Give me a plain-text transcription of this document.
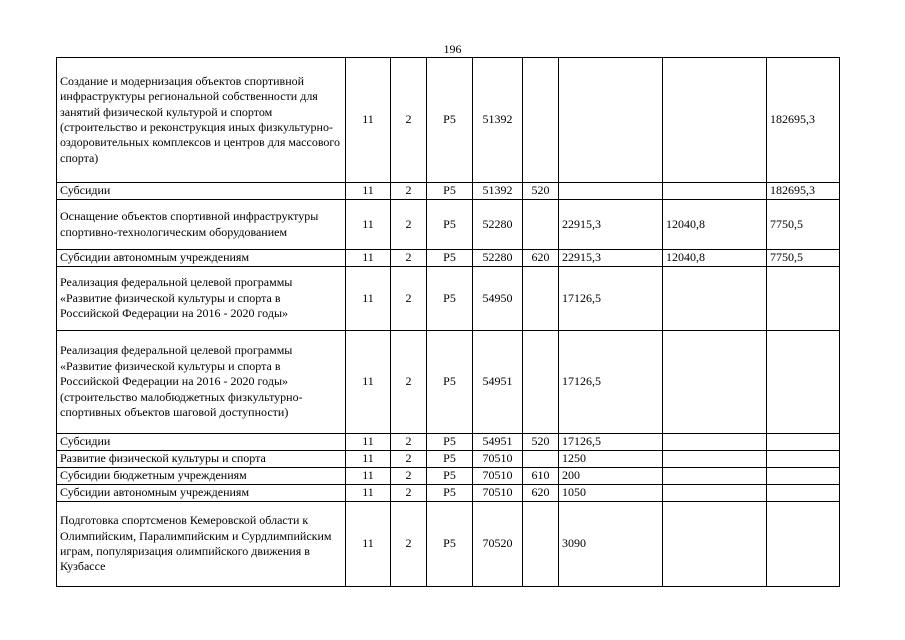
196
Создание и модернизация объектов спортивной инфраструктуры региональной собственности для занятий физической культурой и спортом (строительство и реконструкция иных физкультурно-оздоровительных комплексов и центров для массового спорта)	11	2	Р5	51392				182695,3
Субсидии	11	2	Р5	51392	520			182695,3
Оснащение объектов спортивной инфраструктуры спортивно-технологическим оборудованием	11	2	Р5	52280		22915,3	12040,8	7750,5
Субсидии автономным учреждениям	11	2	Р5	52280	620	22915,3	12040,8	7750,5
Реализация федеральной целевой программы «Развитие физической культуры и спорта в Российской Федерации на 2016 - 2020 годы»	11	2	Р5	54950		17126,5		
Реализация федеральной целевой программы «Развитие физической культуры и спорта в Российской Федерации на 2016 - 2020 годы» (строительство малобюджетных физкультурно-спортивных объектов шаговой доступности)	11	2	Р5	54951		17126,5		
Субсидии	11	2	Р5	54951	520	17126,5		
Развитие физической культуры и спорта	11	2	Р5	70510		1250		
Субсидии бюджетным учреждениям	11	2	Р5	70510	610	200		
Субсидии автономным учреждениям	11	2	Р5	70510	620	1050		
Подготовка спортсменов Кемеровской области к Олимпийским, Паралимпийским и Сурдлимпийским играм, популяризация олимпийского движения в Кузбассе	11	2	Р5	70520		3090		
